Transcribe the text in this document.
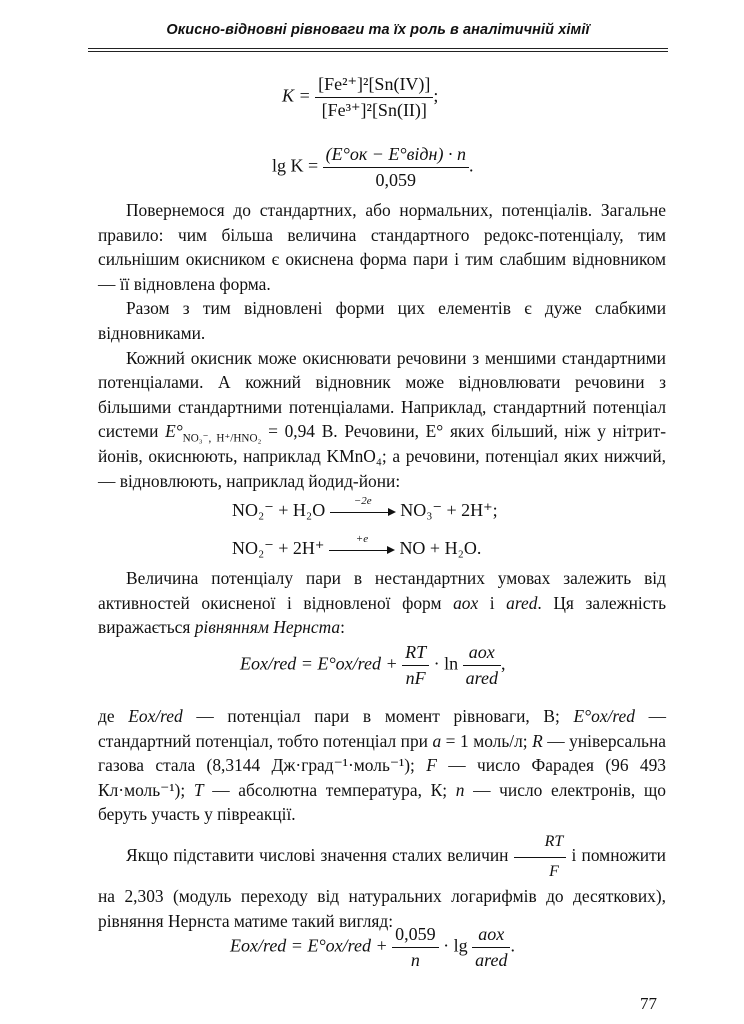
Окисно-відновні рівноваги та їх роль в аналітичній хімії
$K = \frac{\text{[Fe²⁺]²[Sn(IV)]}}{\text{[Fe³⁺]²[Sn(II)]}}$ ;
$\lg K = \frac{\text{(E°ок − E°відн) · n}}{0,059}$ .

Повернемося до стандартних, або нормальних, потенціалів. Загальне правило: чим більша величина стандартного редокс-потенціалу, тим сильнішим окисником є окиснена форма пари і тим слабшим відновником — її відновлена форма.

Разом з тим відновлені форми цих елементів є дуже слабкими відновниками.

Кожний окисник може окиснювати речовини з меншими стандартними потенціалами. А кожний відновник може відновлювати речовини з більшими стандартними потенціалами. Наприклад, стандартний потенціал системи $E^\circ_{NO_3^-, H^+/HNO_2} = 0,94$ В. Речовини, E° яких більший, ніж у нітрит-йонів, окиснюють, наприклад KMnO₄; а речовини, потенціал яких нижчий, — відновлюють, наприклад йодид-йони:

NO₂⁻ + H₂O	−2e	NO₃⁻ + 2H⁺;
NO₂⁻ + 2H⁺	+e	NO + H₂O.

Величина потенціалу пари в нестандартних умовах залежить від активностей окисненої і відновленої форм aox і ared. Ця залежність виражається рівнянням Нернста:

$Eox/red = E^\circ ox/red + \frac{RT}{nF} \cdot \ln \frac{\text{aox}}{\text{ared}}$ ,

де Eox/red — потенціал пари в момент рівноваги, В; E°ox/red — стандартний потенціал, тобто потенціал при a = 1 моль/л; R — універсальна газова стала (8,3144 Дж·град⁻¹·моль⁻¹); F — число Фарадея (96 493 Кл·моль⁻¹); T — абсолютна температура, К; n — число електронів, що беруть участь у півреакції.

Якщо підставити числові значення сталих величин $\frac{RT}{F}$ і помножити на 2,303 (модуль переходу від натуральних логарифмів до десяткових), рівняння Нернста матиме такий вигляд:

$Eox/red = E^\circ ox/red + \frac{0,059}{n} \cdot \lg \frac{\text{aox}}{\text{ared}}$ .
77
